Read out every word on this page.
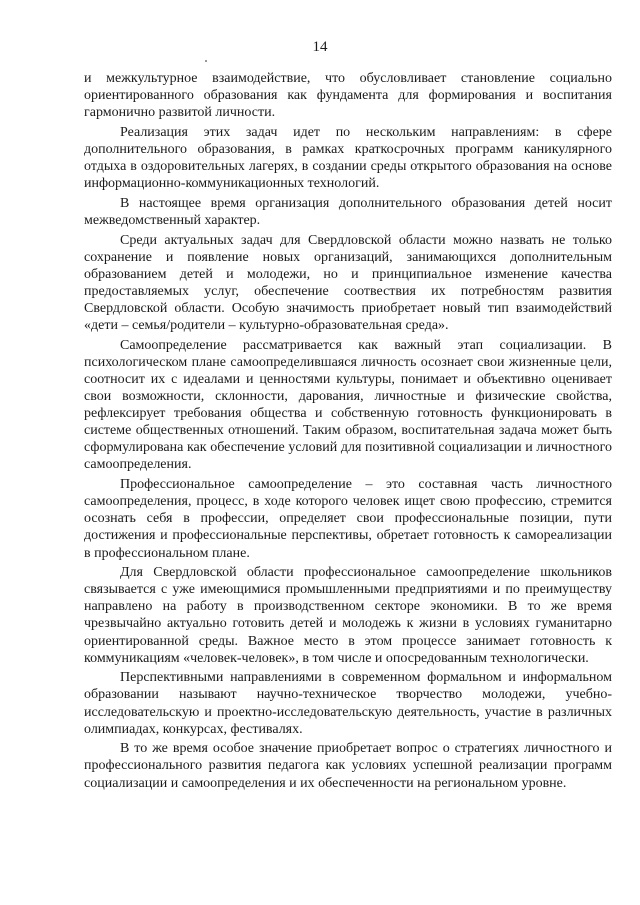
14

и межкультурное взаимодействие, что обусловливает становление социально ориентированного образования как фундамента для формирования и воспитания гармонично развитой личности.

Реализация этих задач идет по нескольким направлениям: в сфере дополнительного образования, в рамках краткосрочных программ каникулярного отдыха в оздоровительных лагерях, в создании среды открытого образования на основе информационно-коммуникационных технологий.

В настоящее время организация дополнительного образования детей носит межведомственный характер.

Среди актуальных задач для Свердловской области можно назвать не только сохранение и появление новых организаций, занимающихся дополнительным образованием детей и молодежи, но и принципиальное изменение качества предоставляемых услуг, обеспечение соотвествия их потребностям развития Свердловской области. Особую значимость приобретает новый тип взаимодействий «дети – семья/родители – культурно-образовательная среда».

Самоопределение рассматривается как важный этап социализации. В психологическом плане самоопределившаяся личность осознает свои жизненные цели, соотносит их с идеалами и ценностями культуры, понимает и объективно оценивает свои возможности, склонности, дарования, личностные и физические свойства, рефлексирует требования общества и собственную готовность функционировать в системе общественных отношений. Таким образом, воспитательная задача может быть сформулирована как обеспечение условий для позитивной социализации и личностного самоопределения.

Профессиональное самоопределение – это составная часть личностного самоопределения, процесс, в ходе которого человек ищет свою профессию, стремится осознать себя в профессии, определяет свои профессиональные позиции, пути достижения и профессиональные перспективы, обретает готовность к самореализации в профессиональном плане.

Для Свердловской области профессиональное самоопределение школьников связывается с уже имеющимися промышленными предприятиями и по преимуществу направлено на работу в производственном секторе экономики. В то же время чрезвычайно актуально готовить детей и молодежь к жизни в условиях гуманитарно ориентированной среды. Важное место в этом процессе занимает готовность к коммуникациям «человек-человек», в том числе и опосредованным технологически.

Перспективными направлениями в современном формальном и информальном образовании называют научно-техническое творчество молодежи, учебно-исследовательскую и проектно-исследовательскую деятельность, участие в различных олимпиадах, конкурсах, фестивалях.

В то же время особое значение приобретает вопрос о стратегиях личностного и профессионального развития педагога как условиях успешной реализации программ социализации и самоопределения и их обеспеченности на региональном уровне.
